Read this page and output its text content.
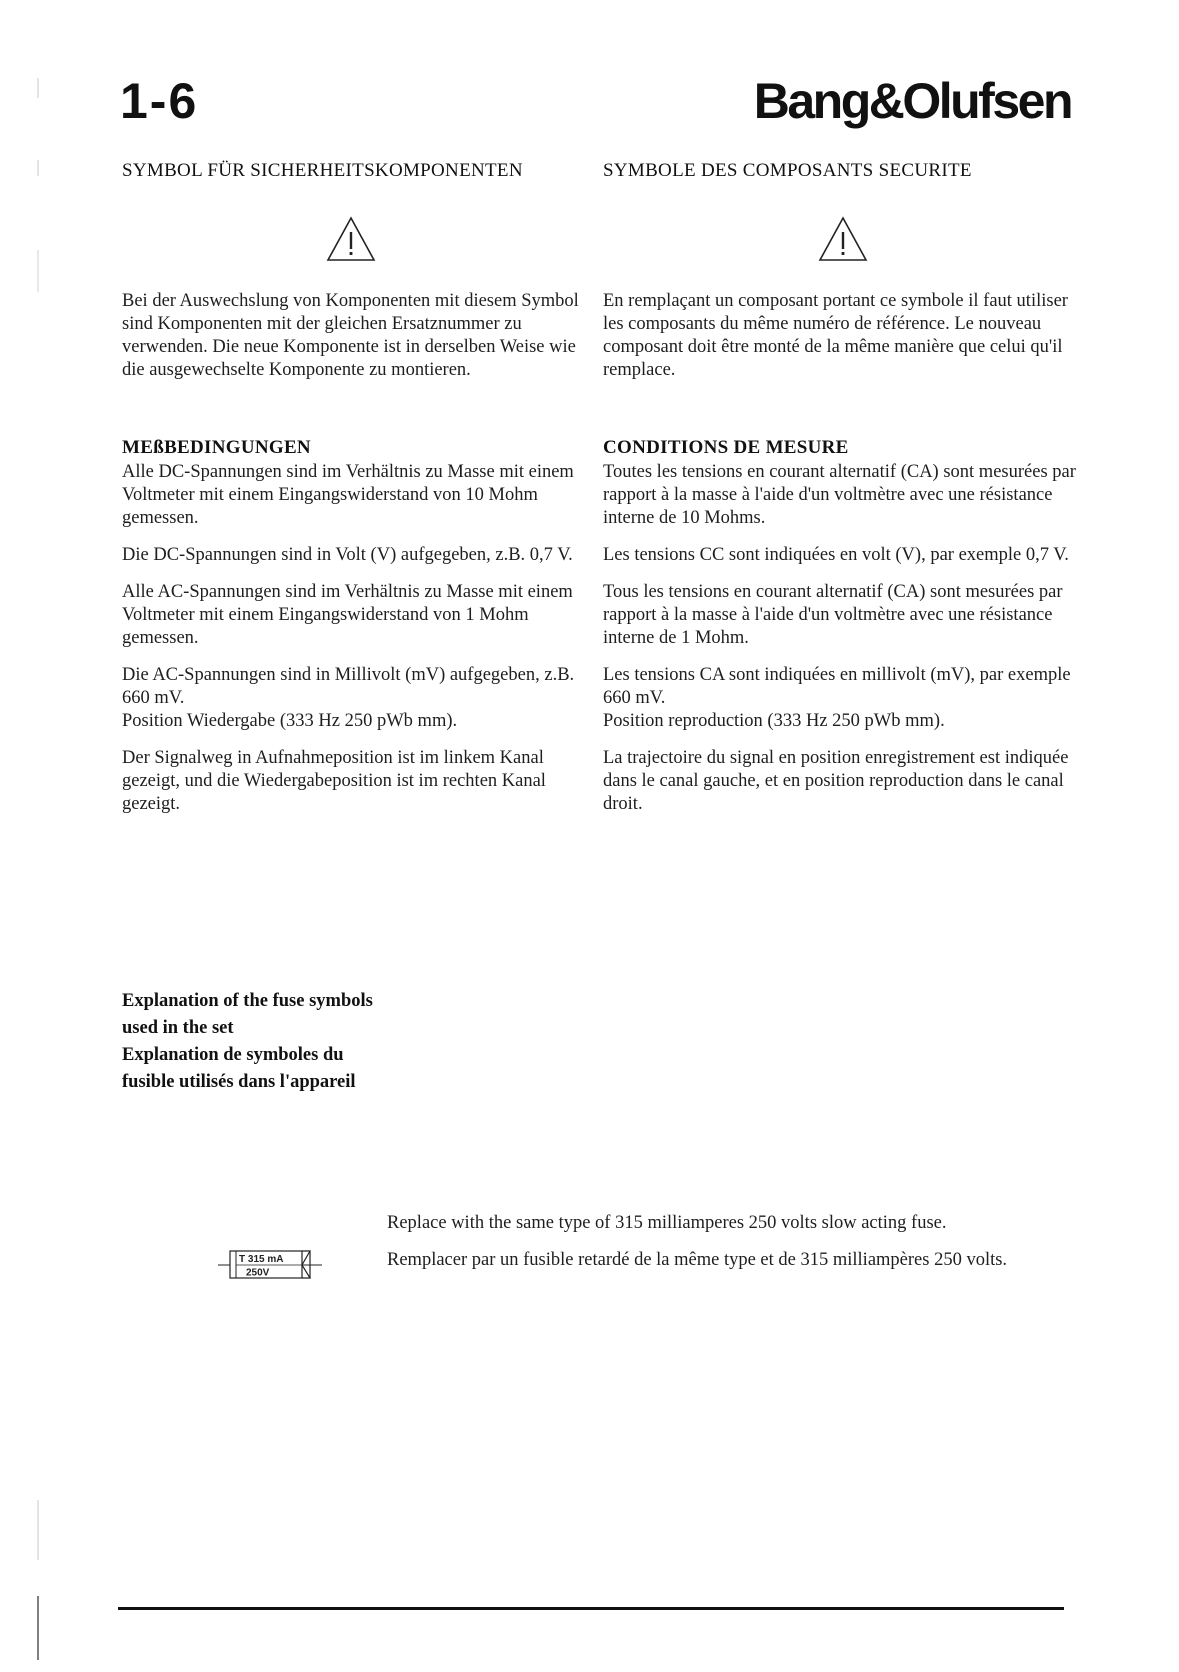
1-6	Bang&Olufsen
SYMBOL FÜR SICHERHEITSKOMPONENTEN	SYMBOLE DES COMPOSANTS SECURITE

Bei der Auswechslung von Komponenten mit diesem Symbol sind Komponenten mit der gleichen Ersatznummer zu verwenden. Die neue Komponente ist in derselben Weise wie die ausgewechselte Komponente zu montieren.

En remplaçant un composant portant ce symbole il faut utiliser les composants du même numéro de référence. Le nouveau composant doit être monté de la même manière que celui qu'il remplace.

MEßBEDINGUNGEN

Alle DC-Spannungen sind im Verhältnis zu Masse mit einem Voltmeter mit einem Eingangswiderstand von 10 Mohm gemessen.

Die DC-Spannungen sind in Volt (V) aufgegeben, z.B. 0,7 V.

Alle AC-Spannungen sind im Verhältnis zu Masse mit einem Voltmeter mit einem Eingangswiderstand von 1 Mohm gemessen.

Die AC-Spannungen sind in Millivolt (mV) aufgegeben, z.B. 660 mV.

Position Wiedergabe (333 Hz 250 pWb mm).

Der Signalweg in Aufnahmeposition ist im linkem Kanal gezeigt, und die Wiedergabeposition ist im rechten Kanal gezeigt.

CONDITIONS DE MESURE

Toutes les tensions en courant alternatif (CA) sont mesurées par rapport à la masse à l'aide d'un voltmètre avec une résistance interne de 10 Mohms.

Les tensions CC sont indiquées en volt (V), par exemple 0,7 V.

Tous les tensions en courant alternatif (CA) sont mesurées par rapport à la masse à l'aide d'un voltmètre avec une résistance interne de 1 Mohm.

Les tensions CA sont indiquées en millivolt (mV), par exemple 660 mV.

Position reproduction (333 Hz 250 pWb mm).

La trajectoire du signal en position enregistrement est indiquée dans le canal gauche, et en position reproduction dans le canal droit.

Explanation of the fuse symbols
used in the set
Explanation de symboles du
fusible utilisés dans l'appareil
T 315 mA
250V

Replace with the same type of 315 milliamperes 250 volts slow acting fuse.

Remplacer par un fusible retardé de la même type et de 315 milliampères 250 volts.
